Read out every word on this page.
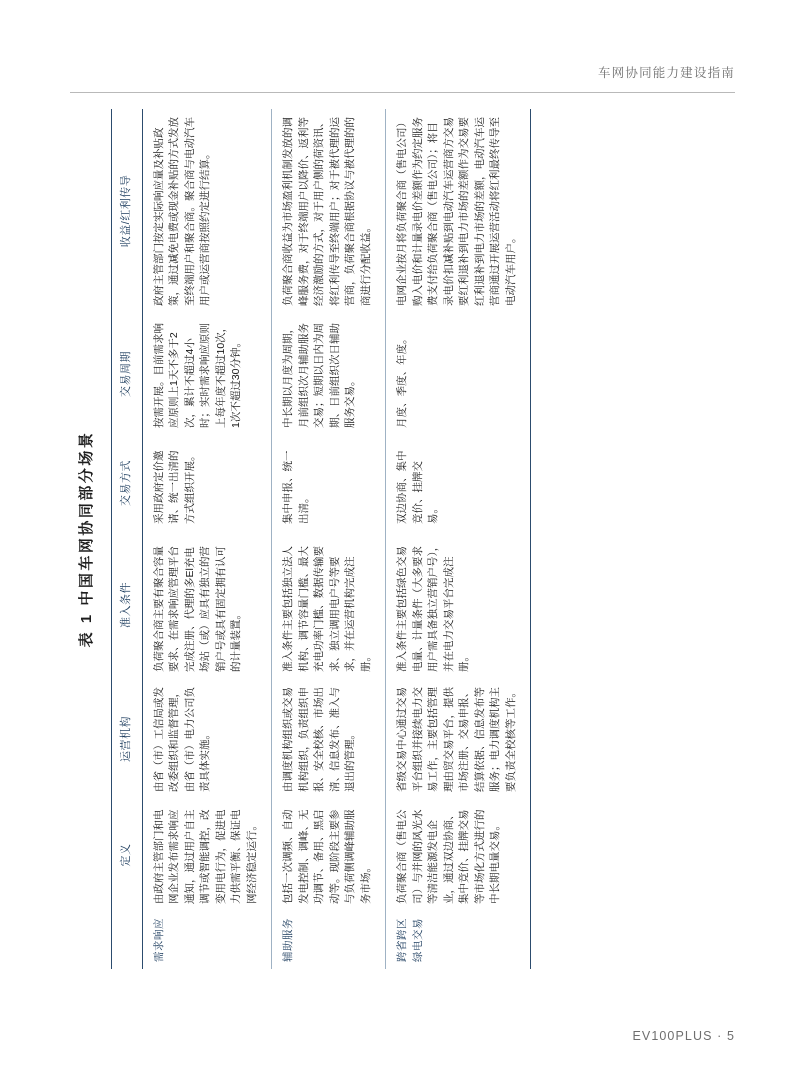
车网协同能力建设指南
表 1 中国车网协同部分场景
	定义	运营机构	准入条件	交易方式	交易周期	收益/红利传导
需求响应	由政府主管部门和电网企业发布需求响应通知，通过用户自主调节或智能调控，改变用电行为，促进电力供需平衡、保证电网经济稳定运行。	由省（市）工信局或发改委组织和监督管理，由省（市）电力公司负责具体实施。	负荷聚合商主要有聚合容量要求、在需求响应管理平台完成注册、代理的多El充电场站（或）应具有独立的营销户号或具有固定拥有认可的计量装置。	采用政府定价邀请、统一出清的方式组织开展。	按需开展。目前需求响应原则上1天不多于2次，累计不超过4小时；实时需求响应原则上每年度不超过10次，1次不超过30分钟。	政府主管部门按定实际响应量及补贴政策，通过减免电费或现金补贴的方式发放至终端用户和聚合商。聚合商与电动汽车用户或运营商按照约定进行结算。
辅助服务	包括一次调频、自动发电控制、调峰、无功调节、备用、黑启动等。现阶段主要参与负荷侧调峰辅助服务市场。	由调度机构组织或交易机构组织，负责组织申报、安全校核、市场出清、信息发布、准入与退出的管理。	准入条件主要包括独立法人机构、调节容量门槛、最大充电功率门槛、数据传输要求、独立调用电户号等要求，并在运营机构完成注册。	集中申报、统一出清。	中长期以月度为周期，月前组织次月辅助服务交易；短期以日内为周期、日前组织次日辅助服务交易。	负荷聚合商收益为市场盈利机制发放的调峰服务费，对于终端用户以降价、返利等经济激励的方式，对于用户侧的荷资讯、将红利传导至终端用户；对于被代理的运营商，负荷聚合商根据协议与被代理的的商进行分配收益。
跨省跨区绿电交易	负荷聚合商（售电公司）与并网的风光水等清洁能源发电企业，通过双边协商、集中竞价、挂牌交易等市场化方式进行的中长期电量交易。	省级交易中心通过交易平台组织并接续电力交易工作，主要包括管理理由贸交易平台，提供市场注册、交易申报、结算依据、信息发布等服务；电力调度机构主要负责全校核等工作。	准入条件主要包括绿色交易电量、计量条件（大多要求用户需具备独立营销户号），并在电力交易平台完成注册。	双边协商、集中竞价、挂牌交易。	月度、季度、年度。	电网企业按月将负荷聚合商（售电公司）购入电价和计量录电价差额作为约定服务费支付给负荷聚合商（售电公司）；将目录电价扣减补贴到电动汽车运营商方交易要红利退补到电力市场的差额作为交易要红利退补到电力市场的差额，电动汽车运营商通过开展运营活动将红利最终传导至电动汽车用户。
EV100PLUS · 5
